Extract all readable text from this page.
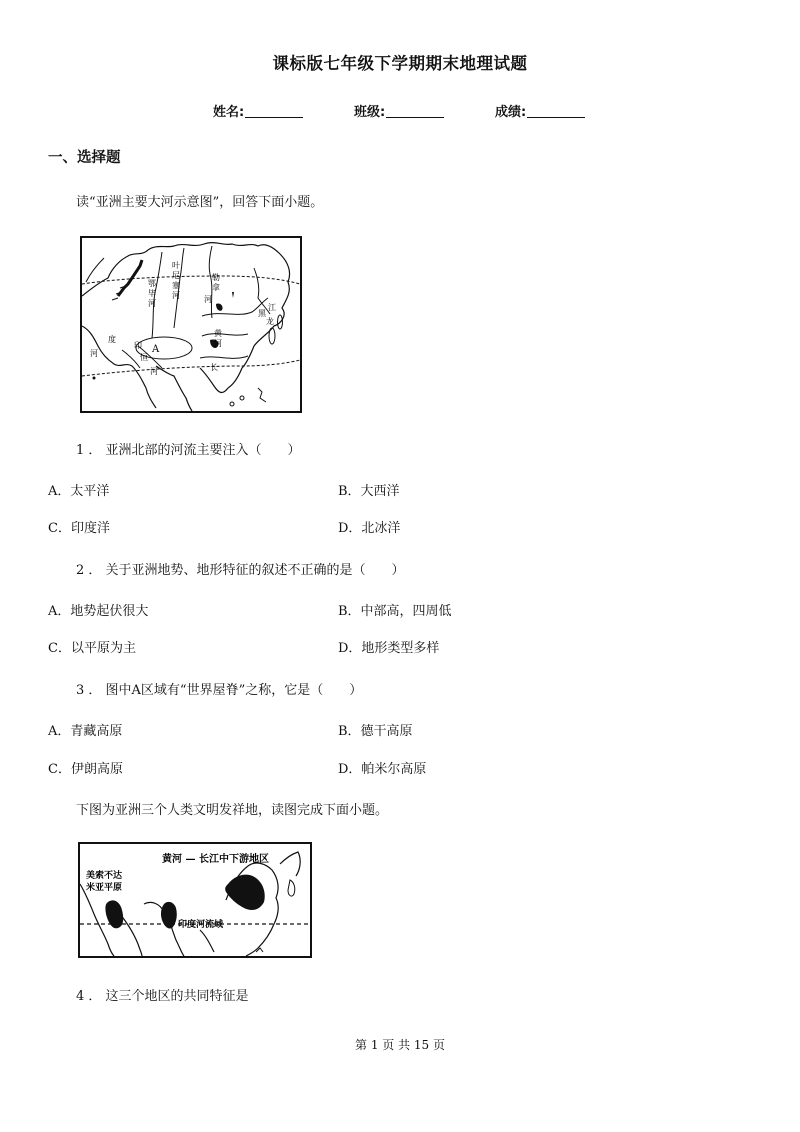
课标版七年级下学期期末地理试题
姓名:	班级:	成绩:
一、选择题
读“亚洲主要大河示意图”，回答下面小题。
叶
尼
塞
河
勒
拿
河
鄂
毕
河
黑
龙
江
黄
河
度
河
印
恒
河	长
A
1 ． 亚洲北部的河流主要注入（　　）
A．太平洋	B．大西洋
C．印度洋	D．北冰洋
2 ． 关于亚洲地势、地形特征的叙述不正确的是（　　）
A．地势起伏很大	B．中部高，四周低
C．以平原为主	D．地形类型多样
3 ． 图中A区域有“世界屋脊”之称，它是（　　）
A．青藏高原	B．德干高原
C．伊朗高原	D．帕米尔高原
下图为亚洲三个人类文明发祥地，读图完成下面小题。
黄河 — 长江中下游地区
美索不达
米亚平原
印度河流域
4 ． 这三个地区的共同特征是
第 1 页 共 15 页
